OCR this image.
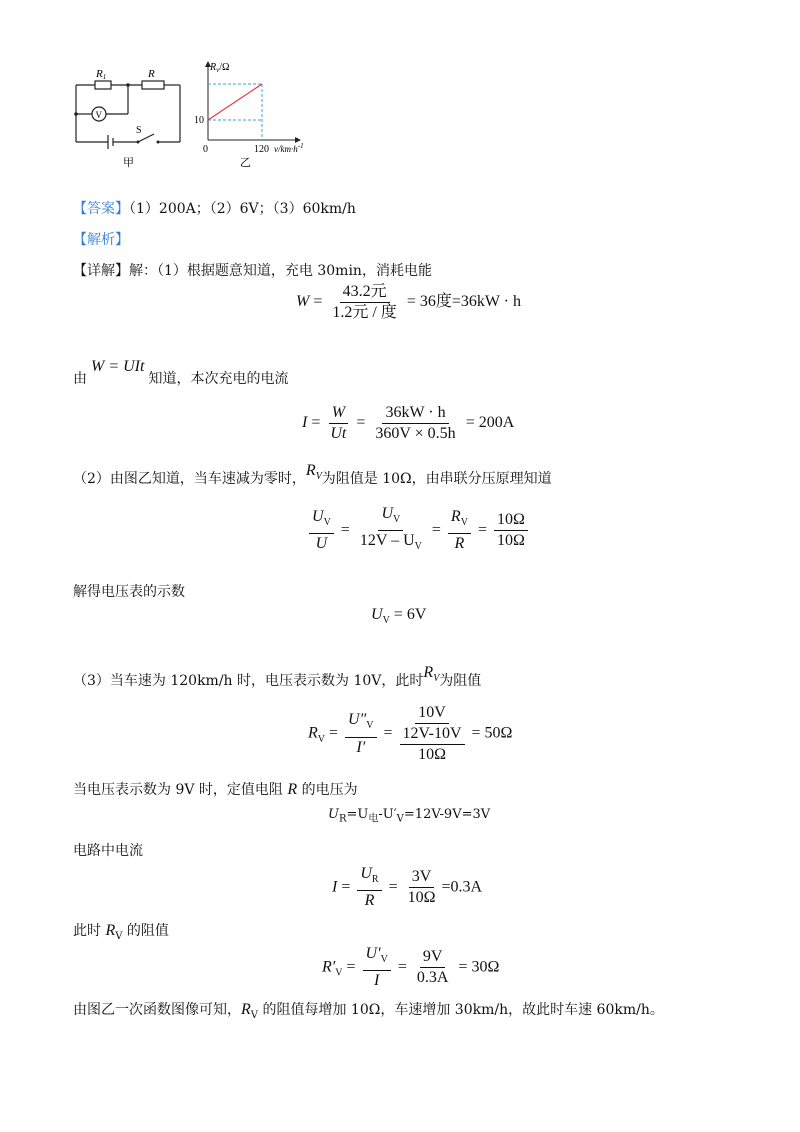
R1	R
V
S
甲
$R_v/\Omega$
10
0	120 $v/km\cdot h^{-1}$
乙
【答案】（1）200A；（2）6V；（3）60km/h
【解析】
【详解】解：（1）根据题意知道，充电 30min，消耗电能
$W = \frac{\text{43.2元}}{\text{1.2元 / 度}} = 36$度=36kW · h
由W = UIt知道，本次充电的电流
$I = \frac{W}{Ut} = \frac{36kW \cdot h}{360V \times 0.5h} = 200A$
（2）由图乙知道，当车速减为零时，$R_V$为阻值是 10Ω，由串联分压原理知道
$\frac{U_V}{U} = \frac{U_V}{12V - U_V} = \frac{R_V}{R} = \frac{10\Omega}{10\Omega}$
解得电压表的示数
$U_V = 6V$
（3）当车速为 120km/h 时，电压表示数为 10V，此时$R_V$为阻值
$R_V = \frac{U''_V}{I'}$ =
10V
12V-10V
10Ω
= 50Ω
当电压表示数为 9V 时，定值电阻 R 的电压为
$U_R=U_电-U'_V=12V-9V=3V$
电路中电流
$I = \frac{U_R}{R} = \frac{3V}{10\Omega} =0.3A$
此时 $R_V$ 的阻值
$R'_V = \frac{U'_V}{I} = \frac{9V}{0.3A} = 30\Omega$
由图乙一次函数图像可知，$R_V$ 的阻值每增加 10Ω，车速增加 30km/h，故此时车速 60km/h。
